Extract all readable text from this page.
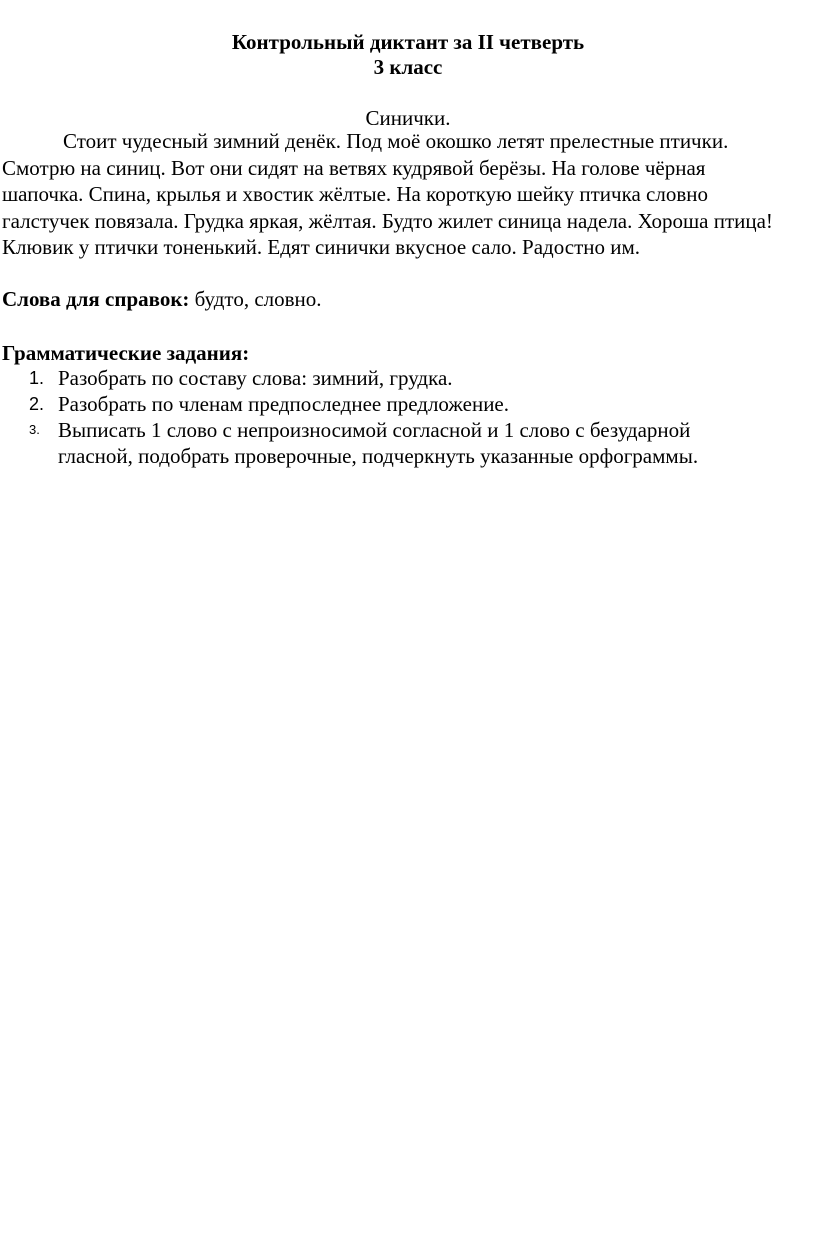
Контрольный диктант за II четверть
3 класс
Синички.

Стоит чудесный зимний денёк. Под моё окошко летят прелестные птички. Смотрю на синиц. Вот они сидят на ветвях кудрявой берёзы. На голове чёрная шапочка. Спина, крылья и хвостик жёлтые. На короткую шейку птичка словно галстучек повязала. Грудка яркая, жёлтая. Будто жилет синица надела. Хороша птица! Клювик у птички тоненький. Едят синички вкусное сало. Радостно им.

Слова для справок: будто, словно.

Грамматические задания:

1. Разобрать по составу слова: зимний, грудка.
2. Разобрать по членам предпоследнее предложение.
3. Выписать 1 слово с непроизносимой согласной и 1 слово с безударной гласной, подобрать проверочные, подчеркнуть указанные орфограммы.
